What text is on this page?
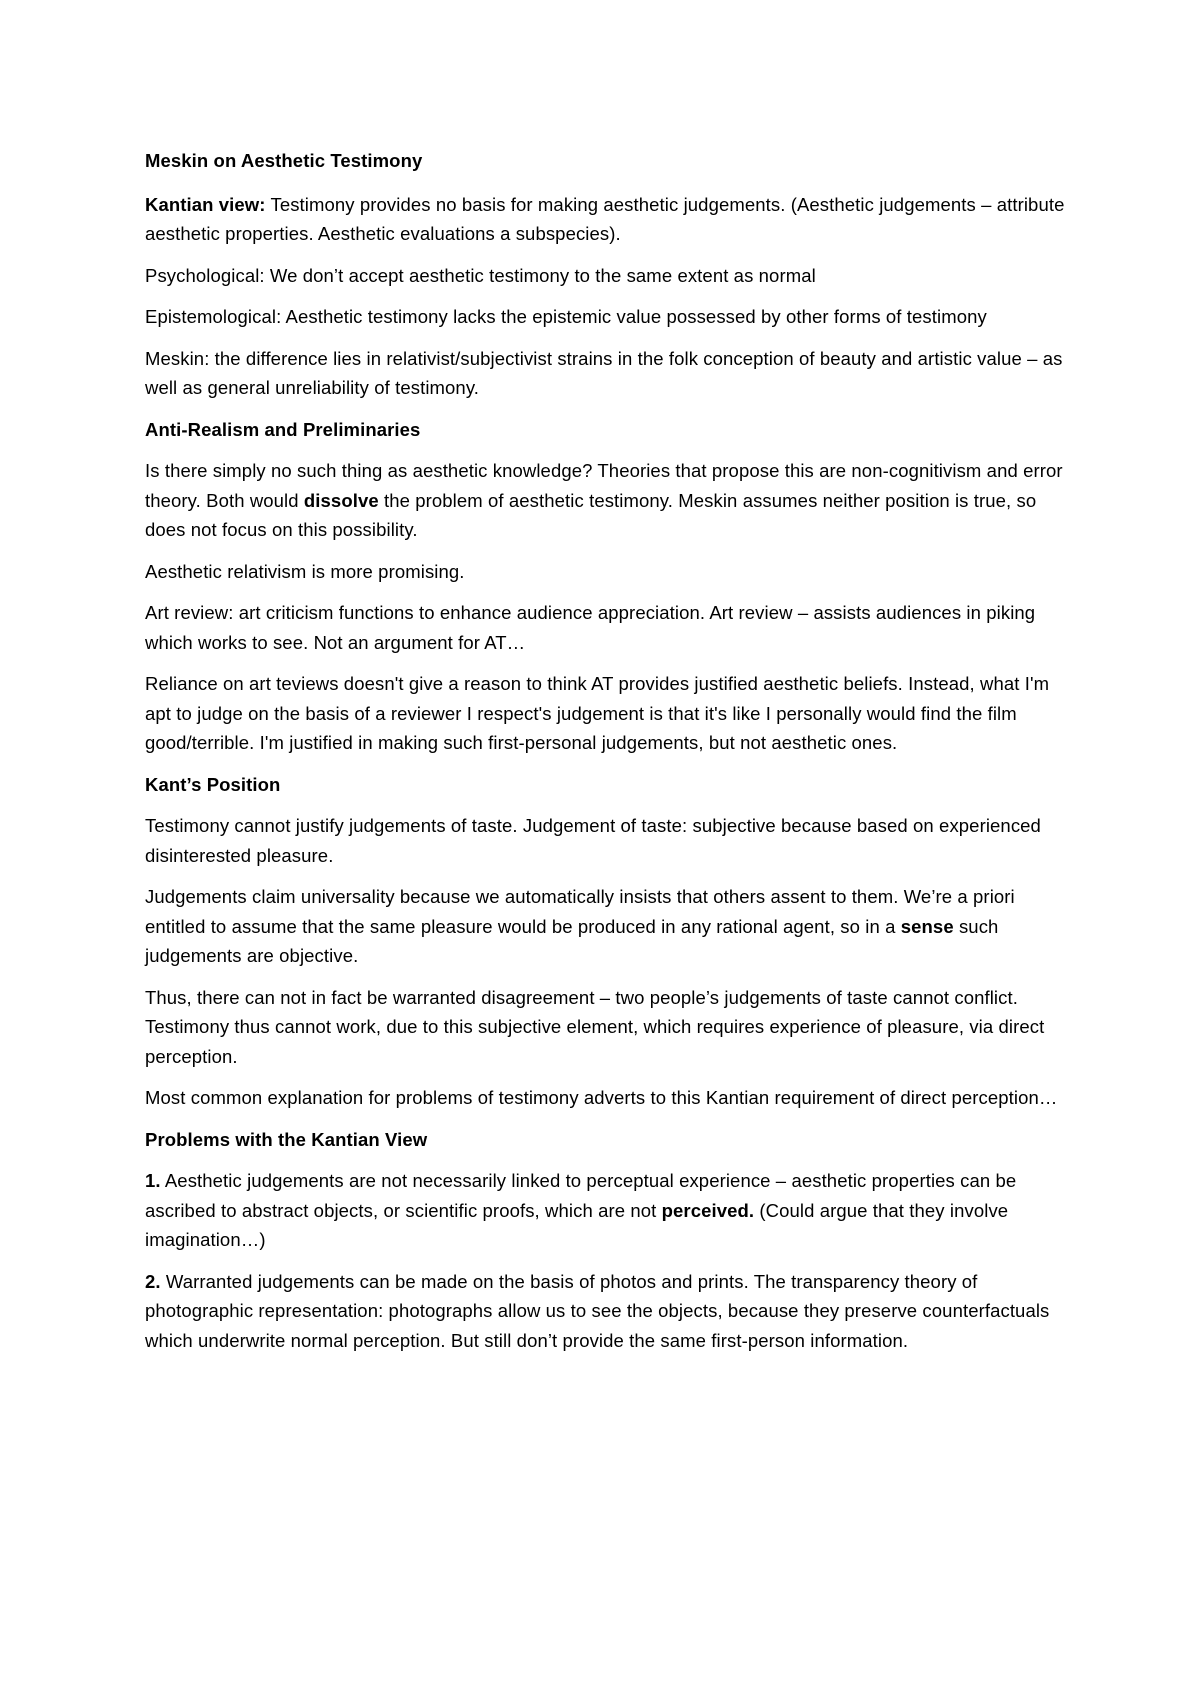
Meskin on Aesthetic Testimony

Kantian view: Testimony provides no basis for making aesthetic judgements. (Aesthetic judgements – attribute aesthetic properties. Aesthetic evaluations a subspecies).

Psychological: We don’t accept aesthetic testimony to the same extent as normal

Epistemological: Aesthetic testimony lacks the epistemic value possessed by other forms of testimony

Meskin: the difference lies in relativist/subjectivist strains in the folk conception of beauty and artistic value – as well as general unreliability of testimony.

Anti-Realism and Preliminaries

Is there simply no such thing as aesthetic knowledge? Theories that propose this are non-cognitivism and error theory. Both would dissolve the problem of aesthetic testimony. Meskin assumes neither position is true, so does not focus on this possibility.

Aesthetic relativism is more promising.

Art review: art criticism functions to enhance audience appreciation. Art review – assists audiences in piking which works to see. Not an argument for AT…

Reliance on art teviews doesn't give a reason to think AT provides justified aesthetic beliefs. Instead, what I'm apt to judge on the basis of a reviewer I respect's judgement is that it's like I personally would find the film good/terrible. I'm justified in making such first-personal judgements, but not aesthetic ones.

Kant’s Position

Testimony cannot justify judgements of taste. Judgement of taste: subjective because based on experienced disinterested pleasure.

Judgements claim universality because we automatically insists that others assent to them. We’re a priori entitled to assume that the same pleasure would be produced in any rational agent, so in a sense such judgements are objective.

Thus, there can not in fact be warranted disagreement – two people’s judgements of taste cannot conflict. Testimony thus cannot work, due to this subjective element, which requires experience of pleasure, via direct perception.

Most common explanation for problems of testimony adverts to this Kantian requirement of direct perception…

Problems with the Kantian View

1. Aesthetic judgements are not necessarily linked to perceptual experience – aesthetic properties can be ascribed to abstract objects, or scientific proofs, which are not perceived. (Could argue that they involve imagination…)

2. Warranted judgements can be made on the basis of photos and prints. The transparency theory of photographic representation: photographs allow us to see the objects, because they preserve counterfactuals which underwrite normal perception. But still don’t provide the same first-person information.
